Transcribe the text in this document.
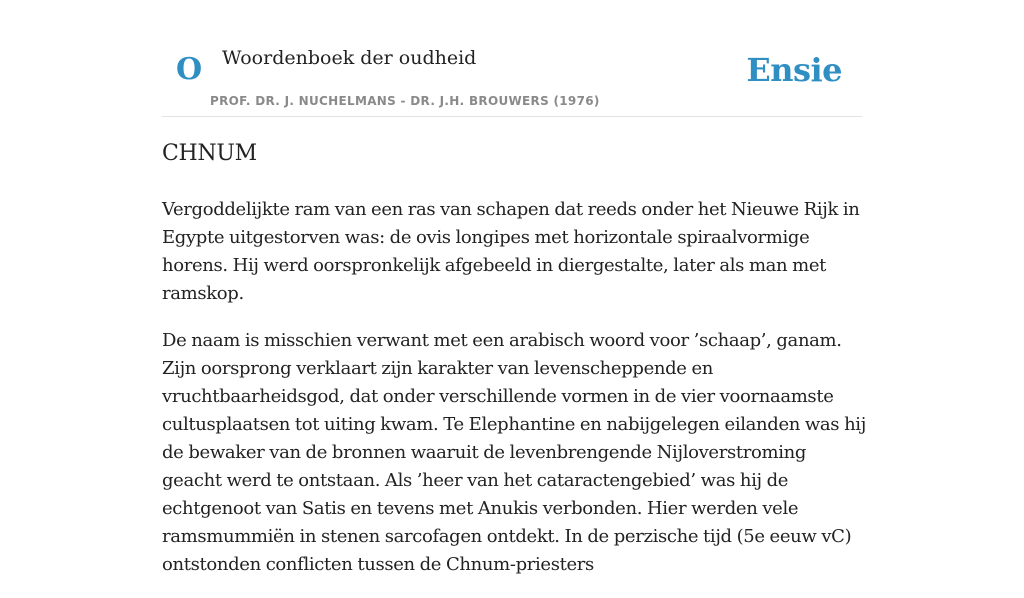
O Woordenboek der oudheid
PROF. DR. J. NUCHELMANS - DR. J.H. BROUWERS (1976)
Ensie
CHNUM

Vergoddelijkte ram van een ras van schapen dat reeds onder het Nieuwe Rijk in Egypte uitgestorven was: de ovis longipes met horizontale spiraalvormige horens. Hij werd oorspronkelijk afgebeeld in diergestalte, later als man met ramskop.

De naam is misschien verwant met een arabisch woord voor ’schaap’, ganam. Zijn oorsprong verklaart zijn karakter van levenscheppende en vruchtbaarheidsgod, dat onder verschillende vormen in de vier voornaamste cultusplaatsen tot uiting kwam. Te Elephantine en nabijgelegen eilanden was hij de bewaker van de bronnen waaruit de levenbrengende Nijloverstroming geacht werd te ontstaan. Als ’heer van het cataractengebied’ was hij de echtgenoot van Satis en tevens met Anukis verbonden. Hier werden vele ramsmummiën in stenen sarcofagen ontdekt. In de perzische tijd (5e eeuw vC) ontstonden conflicten tussen de Chnum-priesters
